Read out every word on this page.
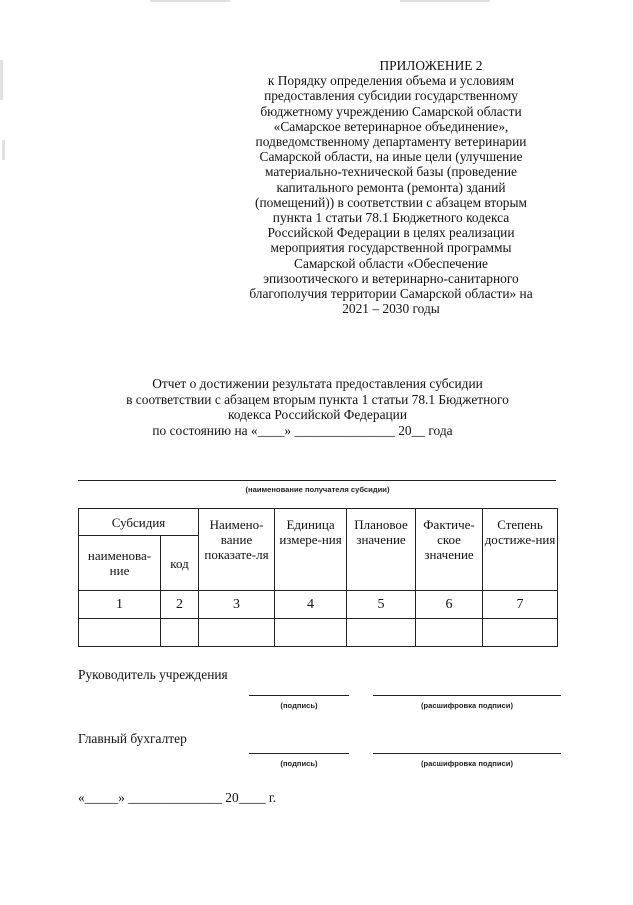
ПРИЛОЖЕНИЕ 2
к Порядку определения объема и условиям
предоставления субсидии государственному
бюджетному учреждению Самарской области
«Самарское ветеринарное объединение»,
подведомственному департаменту ветеринарии
Самарской области, на иные цели (улучшение
материально-технической базы (проведение
капитального ремонта (ремонта) зданий
(помещений)) в соответствии с абзацем вторым
пункта 1 статьи 78.1 Бюджетного кодекса
Российской Федерации в целях реализации
мероприятия государственной программы
Самарской области «Обеспечение
эпизоотического и ветеринарно-санитарного
благополучия территории Самарской области» на
2021 – 2030 годы
Отчет о достижении результата предоставления субсидии
в соответствии с абзацем вторым пункта 1 статьи 78.1 Бюджетного
кодекса Российской Федерации
по состоянию на «____» _______________ 20__ года
(наименование получателя субсидии)
Субсидия		Наимено-вание показате-ля	Единица измере-ния	Плановое значение	Фактиче-ское значение	Степень достиже-ния
наименова-ние	код					
1	2	3	4	5	6	7

Руководитель учреждения
(подпись)	(расшифровка подписи)
Главный бухгалтер
(подпись)	(расшифровка подписи)
«_____» ______________ 20____ г.
